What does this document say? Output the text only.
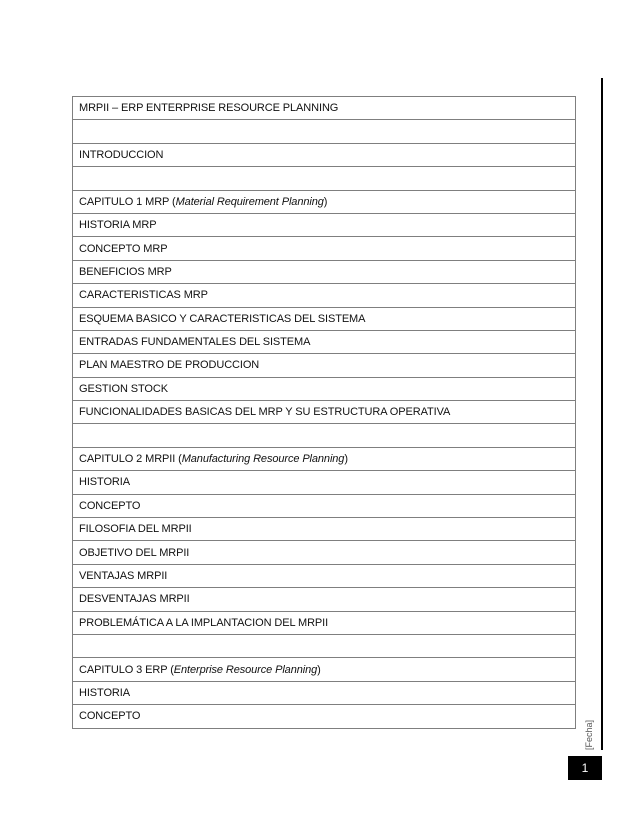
MRPII – ERP ENTERPRISE RESOURCE PLANNING

INTRODUCCION

CAPITULO 1 MRP (Material Requirement Planning)
HISTORIA MRP
CONCEPTO MRP
BENEFICIOS MRP
CARACTERISTICAS MRP
ESQUEMA BASICO Y CARACTERISTICAS DEL SISTEMA
ENTRADAS FUNDAMENTALES DEL SISTEMA
PLAN MAESTRO DE PRODUCCION
GESTION STOCK
FUNCIONALIDADES BASICAS DEL MRP Y SU ESTRUCTURA OPERATIVA

CAPITULO 2 MRPII (Manufacturing Resource Planning)
HISTORIA
CONCEPTO
FILOSOFIA DEL MRPII
OBJETIVO DEL MRPII
VENTAJAS MRPII
DESVENTAJAS MRPII
PROBLEMÁTICA A LA IMPLANTACION DEL MRPII

CAPITULO 3 ERP (Enterprise Resource Planning)
HISTORIA
CONCEPTO
[Fecha]
1
